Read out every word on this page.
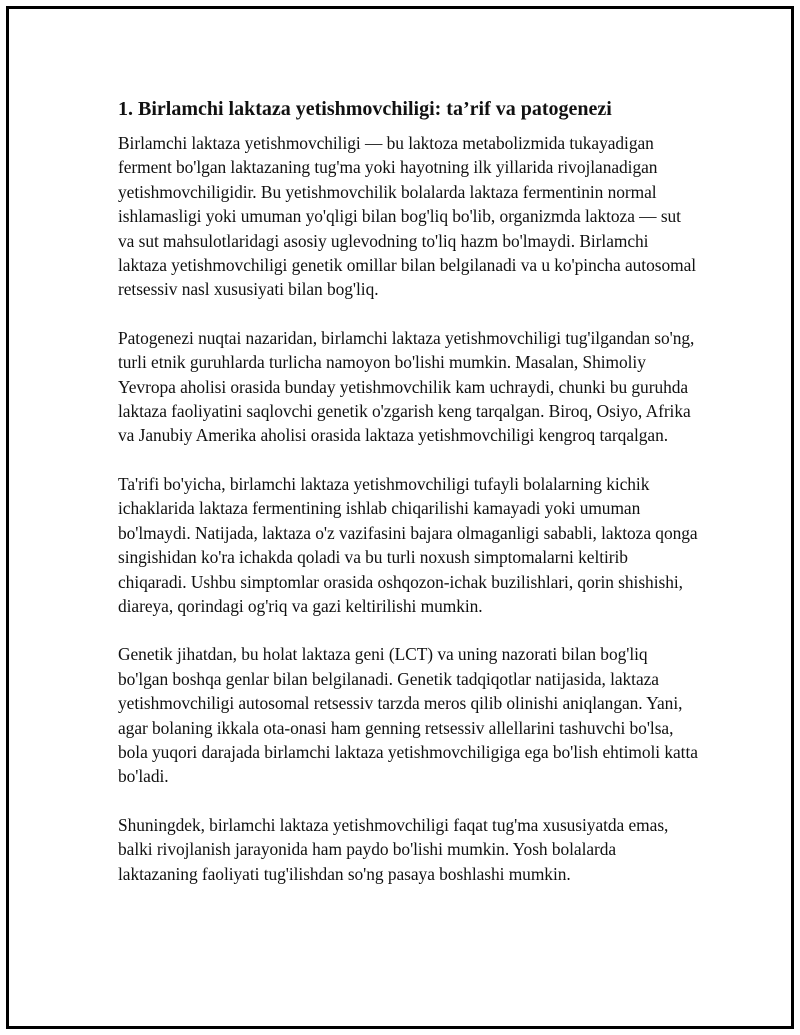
1. Birlamchi laktaza yetishmovchiligi: ta’rif va patogenezi

Birlamchi laktaza yetishmovchiligi — bu laktoza metabolizmida tukayadigan ferment bo'lgan laktazaning tug'ma yoki hayotning ilk yillarida rivojlanadigan yetishmovchiligidir. Bu yetishmovchilik bolalarda laktaza fermentinin normal ishlamasligi yoki umuman yo'qligi bilan bog'liq bo'lib, organizmda laktoza — sut va sut mahsulotlaridagi asosiy uglevodning to'liq hazm bo'lmaydi. Birlamchi laktaza yetishmovchiligi genetik omillar bilan belgilanadi va u ko'pincha autosomal retsessiv nasl xususiyati bilan bog'liq.

Patogenezi nuqtai nazaridan, birlamchi laktaza yetishmovchiligi tug'ilgandan so'ng, turli etnik guruhlarda turlicha namoyon bo'lishi mumkin. Masalan, Shimoliy Yevropa aholisi orasida bunday yetishmovchilik kam uchraydi, chunki bu guruhda laktaza faoliyatini saqlovchi genetik o'zgarish keng tarqalgan. Biroq, Osiyo, Afrika va Janubiy Amerika aholisi orasida laktaza yetishmovchiligi kengroq tarqalgan.

Ta'rifi bo'yicha, birlamchi laktaza yetishmovchiligi tufayli bolalarning kichik ichaklarida laktaza fermentining ishlab chiqarilishi kamayadi yoki umuman bo'lmaydi. Natijada, laktaza o'z vazifasini bajara olmaganligi sababli, laktoza qonga singishidan ko'ra ichakda qoladi va bu turli noxush simptomalarni keltirib chiqaradi. Ushbu simptomlar orasida oshqozon-ichak buzilishlari, qorin shishishi, diareya, qorindagi og'riq va gazi keltirilishi mumkin.

Genetik jihatdan, bu holat laktaza geni (LCT) va uning nazorati bilan bog'liq bo'lgan boshqa genlar bilan belgilanadi. Genetik tadqiqotlar natijasida, laktaza yetishmovchiligi autosomal retsessiv tarzda meros qilib olinishi aniqlangan. Yani, agar bolaning ikkala ota-onasi ham genning retsessiv allellarini tashuvchi bo'lsa, bola yuqori darajada birlamchi laktaza yetishmovchiligiga ega bo'lish ehtimoli katta bo'ladi.

Shuningdek, birlamchi laktaza yetishmovchiligi faqat tug'ma xususiyatda emas, balki rivojlanish jarayonida ham paydo bo'lishi mumkin. Yosh bolalarda laktazaning faoliyati tug'ilishdan so'ng pasaya boshlashi mumkin.
